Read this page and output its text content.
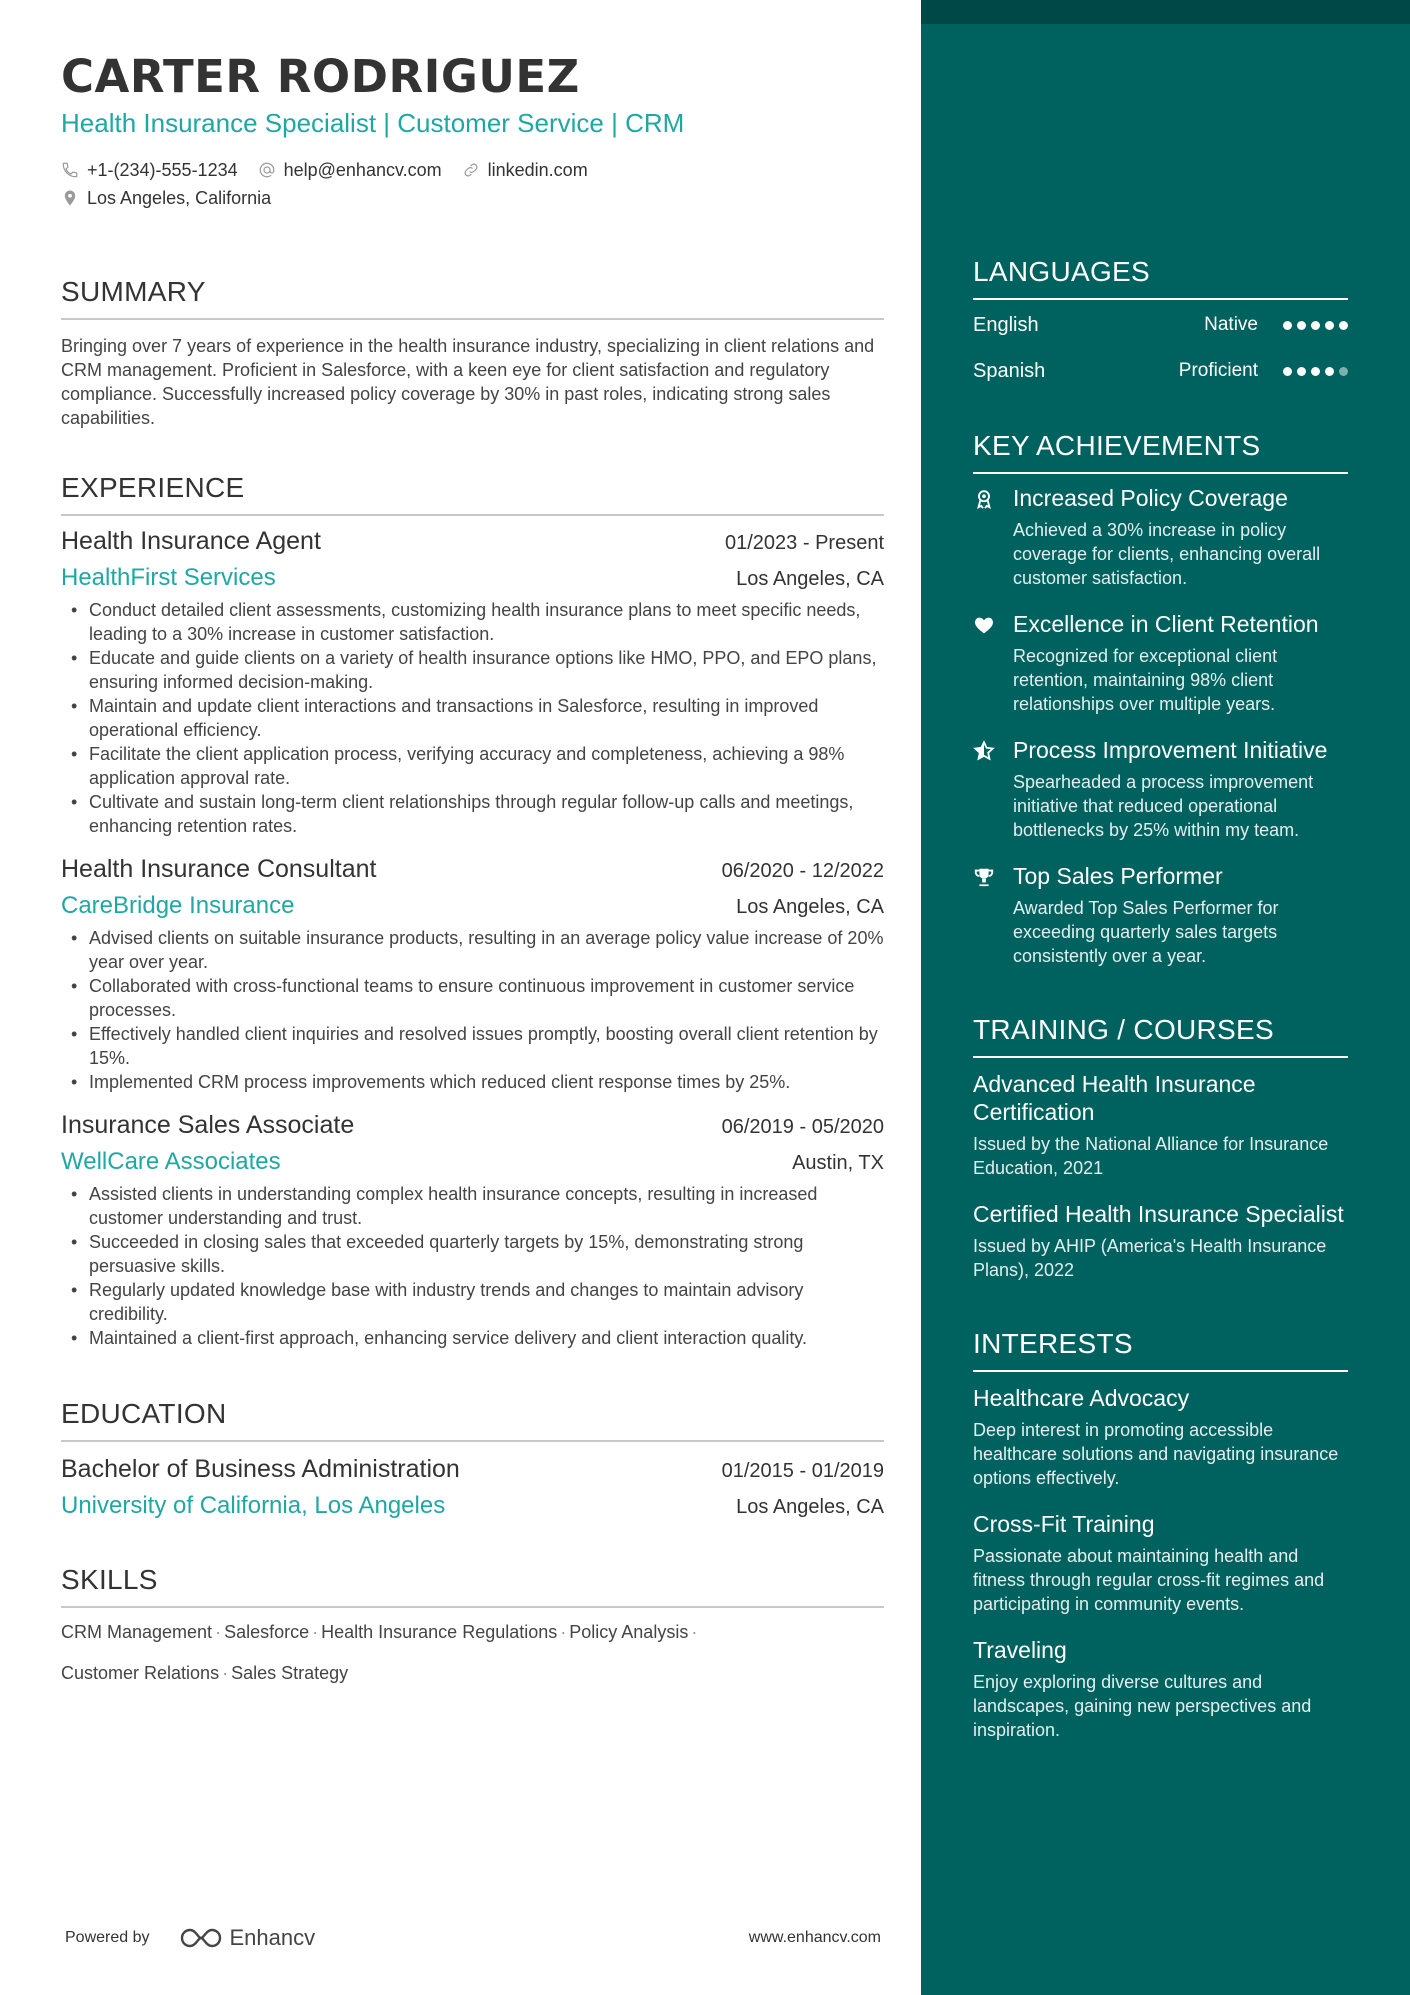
CARTER RODRIGUEZ
Health Insurance Specialist | Customer Service | CRM
+1-(234)-555-1234	help@enhancv.com	linkedin.com
Los Angeles, California
SUMMARY
Bringing over 7 years of experience in the health insurance industry, specializing in client relations and CRM management. Proficient in Salesforce, with a keen eye for client satisfaction and regulatory compliance. Successfully increased policy coverage by 30% in past roles, indicating strong sales capabilities.
EXPERIENCE
Health Insurance Agent	01/2023 - Present
HealthFirst Services	Los Angeles, CA
• Conduct detailed client assessments, customizing health insurance plans to meet specific needs, leading to a 30% increase in customer satisfaction.
• Educate and guide clients on a variety of health insurance options like HMO, PPO, and EPO plans, ensuring informed decision-making.
• Maintain and update client interactions and transactions in Salesforce, resulting in improved operational efficiency.
• Facilitate the client application process, verifying accuracy and completeness, achieving a 98% application approval rate.
• Cultivate and sustain long-term client relationships through regular follow-up calls and meetings, enhancing retention rates.
Health Insurance Consultant	06/2020 - 12/2022
CareBridge Insurance	Los Angeles, CA
• Advised clients on suitable insurance products, resulting in an average policy value increase of 20% year over year.
• Collaborated with cross-functional teams to ensure continuous improvement in customer service processes.
• Effectively handled client inquiries and resolved issues promptly, boosting overall client retention by 15%.
• Implemented CRM process improvements which reduced client response times by 25%.
Insurance Sales Associate	06/2019 - 05/2020
WellCare Associates	Austin, TX
• Assisted clients in understanding complex health insurance concepts, resulting in increased customer understanding and trust.
• Succeeded in closing sales that exceeded quarterly targets by 15%, demonstrating strong persuasive skills.
• Regularly updated knowledge base with industry trends and changes to maintain advisory credibility.
• Maintained a client-first approach, enhancing service delivery and client interaction quality.
EDUCATION
Bachelor of Business Administration	01/2015 - 01/2019
University of California, Los Angeles	Los Angeles, CA
SKILLS
CRM Management · Salesforce · Health Insurance Regulations · Policy Analysis ·
Customer Relations · Sales Strategy
Powered by	Enhancv	www.enhancv.com
LANGUAGES
English	Native
Spanish	Proficient
KEY ACHIEVEMENTS
Increased Policy Coverage
Achieved a 30% increase in policy coverage for clients, enhancing overall customer satisfaction.
Excellence in Client Retention
Recognized for exceptional client retention, maintaining 98% client relationships over multiple years.
Process Improvement Initiative
Spearheaded a process improvement initiative that reduced operational bottlenecks by 25% within my team.
Top Sales Performer
Awarded Top Sales Performer for exceeding quarterly sales targets consistently over a year.
TRAINING / COURSES
Advanced Health Insurance Certification
Issued by the National Alliance for Insurance Education, 2021
Certified Health Insurance Specialist
Issued by AHIP (America's Health Insurance Plans), 2022
INTERESTS
Healthcare Advocacy
Deep interest in promoting accessible healthcare solutions and navigating insurance options effectively.
Cross-Fit Training
Passionate about maintaining health and fitness through regular cross-fit regimes and participating in community events.
Traveling
Enjoy exploring diverse cultures and landscapes, gaining new perspectives and inspiration.
